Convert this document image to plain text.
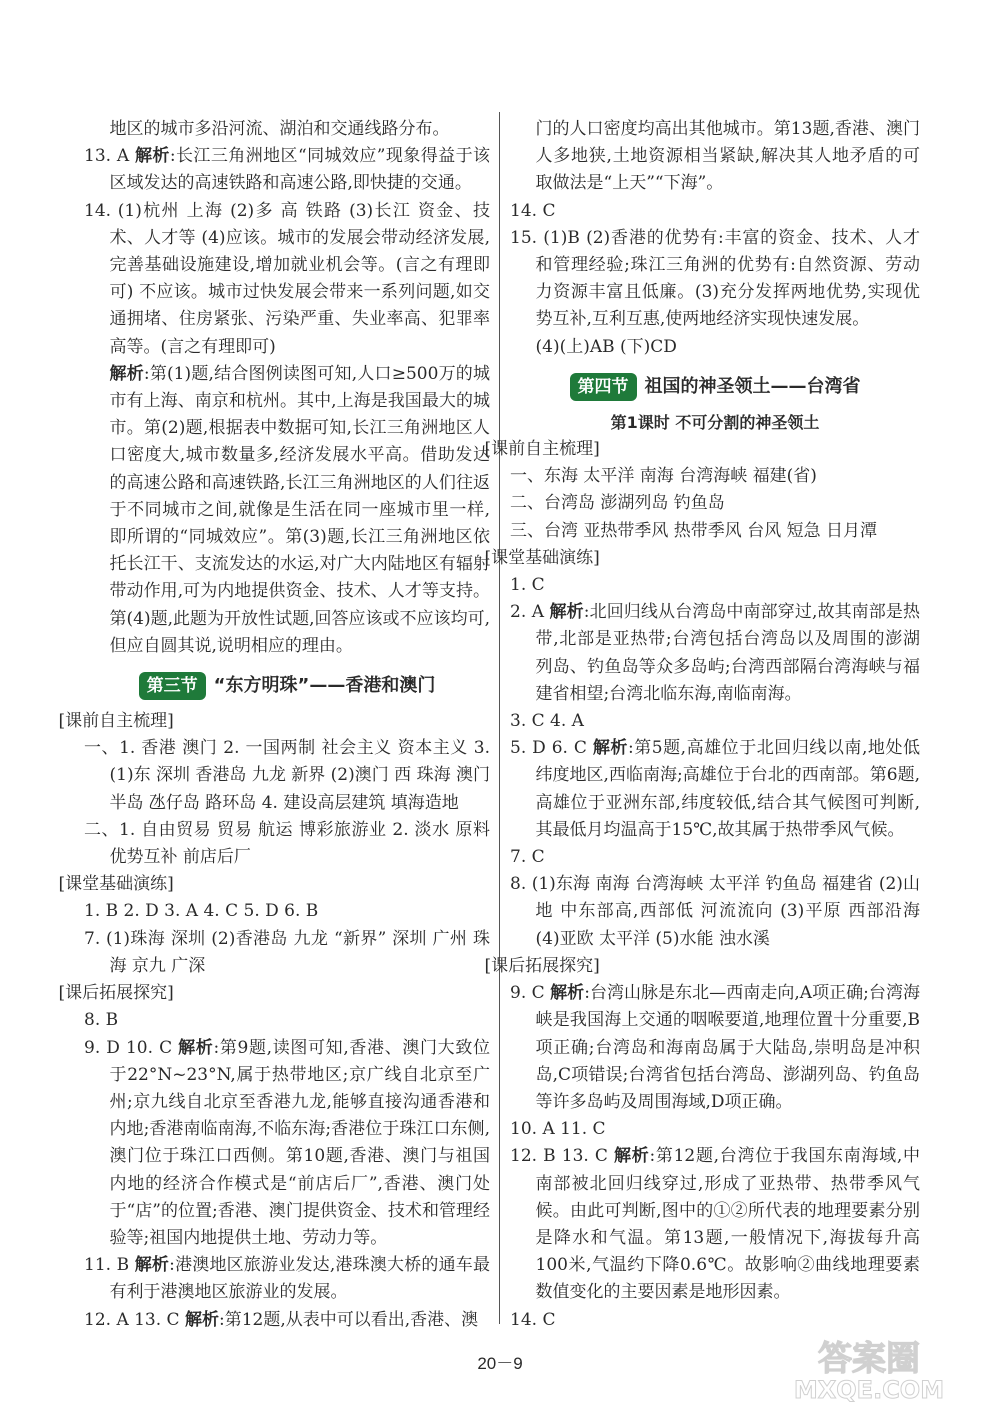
地区的城市多沿河流、湖泊和交通线路分布。

13. A 解析:长江三角洲地区“同城效应”现象得益于该区域发达的高速铁路和高速公路,即快捷的交通。

14. (1)杭州 上海 (2)多 高 铁路 (3)长江 资金、技术、人才等 (4)应该。城市的发展会带动经济发展,完善基础设施建设,增加就业机会等。(言之有理即可) 不应该。城市过快发展会带来一系列问题,如交通拥堵、住房紧张、污染严重、失业率高、犯罪率高等。(言之有理即可)

解析:第(1)题,结合图例读图可知,人口≥500万的城市有上海、南京和杭州。其中,上海是我国最大的城市。第(2)题,根据表中数据可知,长江三角洲地区人口密度大,城市数量多,经济发展水平高。借助发达的高速公路和高速铁路,长江三角洲地区的人们往返于不同城市之间,就像是生活在同一座城市里一样,即所谓的“同城效应”。第(3)题,长江三角洲地区依托长江干、支流发达的水运,对广大内陆地区有辐射带动作用,可为内地提供资金、技术、人才等支持。第(4)题,此题为开放性试题,回答应该或不应该均可,但应自圆其说,说明相应的理由。

第三节 “东方明珠”——香港和澳门

[课前自主梳理]

一、1. 香港 澳门 2. 一国两制 社会主义 资本主义 3. (1)东 深圳 香港岛 九龙 新界 (2)澳门 西 珠海 澳门半岛 氹仔岛 路环岛 4. 建设高层建筑 填海造地

二、1. 自由贸易 贸易 航运 博彩旅游业 2. 淡水 原料 优势互补 前店后厂

[课堂基础演练]

1. B 2. D 3. A 4. C 5. D 6. B

7. (1)珠海 深圳 (2)香港岛 九龙 “新界” 深圳 广州 珠海 京九 广深

[课后拓展探究]

8. B

9. D 10. C 解析:第9题,读图可知,香港、澳门大致位于22°N~23°N,属于热带地区;京广线自北京至广州;京九线自北京至香港九龙,能够直接沟通香港和内地;香港南临南海,不临东海;香港位于珠江口东侧,澳门位于珠江口西侧。第10题,香港、澳门与祖国内地的经济合作模式是“前店后厂”,香港、澳门处于“店”的位置;香港、澳门提供资金、技术和管理经验等;祖国内地提供土地、劳动力等。

11. B 解析:港澳地区旅游业发达,港珠澳大桥的通车最有利于港澳地区旅游业的发展。

12. A 13. C 解析:第12题,从表中可以看出,香港、澳

门的人口密度均高出其他城市。第13题,香港、澳门人多地狭,土地资源相当紧缺,解决其人地矛盾的可取做法是“上天”“下海”。

14. C

15. (1)B (2)香港的优势有:丰富的资金、技术、人才和管理经验;珠江三角洲的优势有:自然资源、劳动力资源丰富且低廉。(3)充分发挥两地优势,实现优势互补,互利互惠,使两地经济实现快速发展。

(4)(上)AB (下)CD

第四节 祖国的神圣领土——台湾省

第1课时 不可分割的神圣领土

[课前自主梳理]

一、东海 太平洋 南海 台湾海峡 福建(省)

二、台湾岛 澎湖列岛 钓鱼岛

三、台湾 亚热带季风 热带季风 台风 短急 日月潭

[课堂基础演练]

1. C

2. A 解析:北回归线从台湾岛中南部穿过,故其南部是热带,北部是亚热带;台湾包括台湾岛以及周围的澎湖列岛、钓鱼岛等众多岛屿;台湾西部隔台湾海峡与福建省相望;台湾北临东海,南临南海。

3. C 4. A

5. D 6. C 解析:第5题,高雄位于北回归线以南,地处低纬度地区,西临南海;高雄位于台北的西南部。第6题,高雄位于亚洲东部,纬度较低,结合其气候图可判断,其最低月均温高于15℃,故其属于热带季风气候。

7. C

8. (1)东海 南海 台湾海峡 太平洋 钓鱼岛 福建省 (2)山地 中东部高,西部低 河流流向 (3)平原 西部沿海 (4)亚欧 太平洋 (5)水能 浊水溪

[课后拓展探究]

9. C 解析:台湾山脉是东北—西南走向,A项正确;台湾海峡是我国海上交通的咽喉要道,地理位置十分重要,B项正确;台湾岛和海南岛属于大陆岛,崇明岛是冲积岛,C项错误;台湾省包括台湾岛、澎湖列岛、钓鱼岛等许多岛屿及周围海域,D项正确。

10. A 11. C

12. B 13. C 解析:第12题,台湾位于我国东南海域,中南部被北回归线穿过,形成了亚热带、热带季风气候。由此可判断,图中的①②所代表的地理要素分别是降水和气温。第13题,一般情况下,海拔每升高100米,气温约下降0.6℃。故影响②曲线地理要素数值变化的主要因素是地形因素。

14. C

20－9	答案圈
MXQE.COM
